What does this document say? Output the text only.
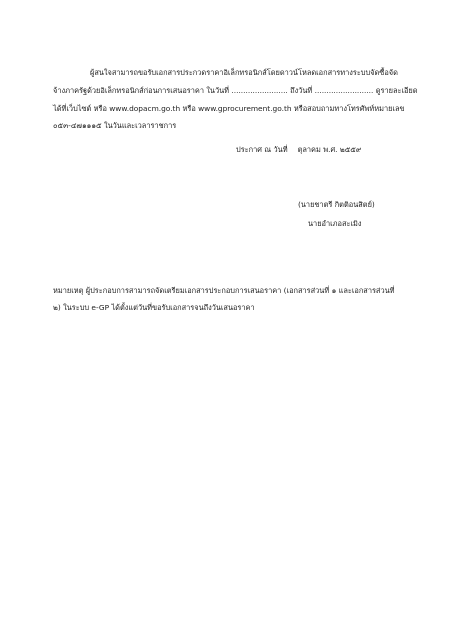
ผู้สนใจสามารถขอรับเอกสารประกวดราคาอิเล็กทรอนิกส์โดยดาวน์โหลดเอกสารทางระบบจัดซื้อจัด
จ้างภาครัฐด้วยอิเล็กทรอนิกส์ก่อนการเสนอราคา ในวันที่ ........................ ถึงวันที่ ......................... ดูรายละเอียด
ได้ที่เว็บไซต์ หรือ www.dopacm.go.th หรือ www.gprocurement.go.th หรือสอบถามทางโทรศัพท์หมายเลข
๐๕๓-๔๗๑๑๑๕ ในวันและเวลาราชการ
ประกาศ ณ วันที่ ตุลาคม พ.ศ. ๒๕๕๙
(นายชาตรี กิตติอนสิตย์)
นายอำเภอสะเมิง
หมายเหตุ ผู้ประกอบการสามารถจัดเตรียมเอกสารประกอบการเสนอราคา (เอกสารส่วนที่ ๑ และเอกสารส่วนที่
๒) ในระบบ e-GP ได้ตั้งแต่วันที่ขอรับเอกสารจนถึงวันเสนอราคา
